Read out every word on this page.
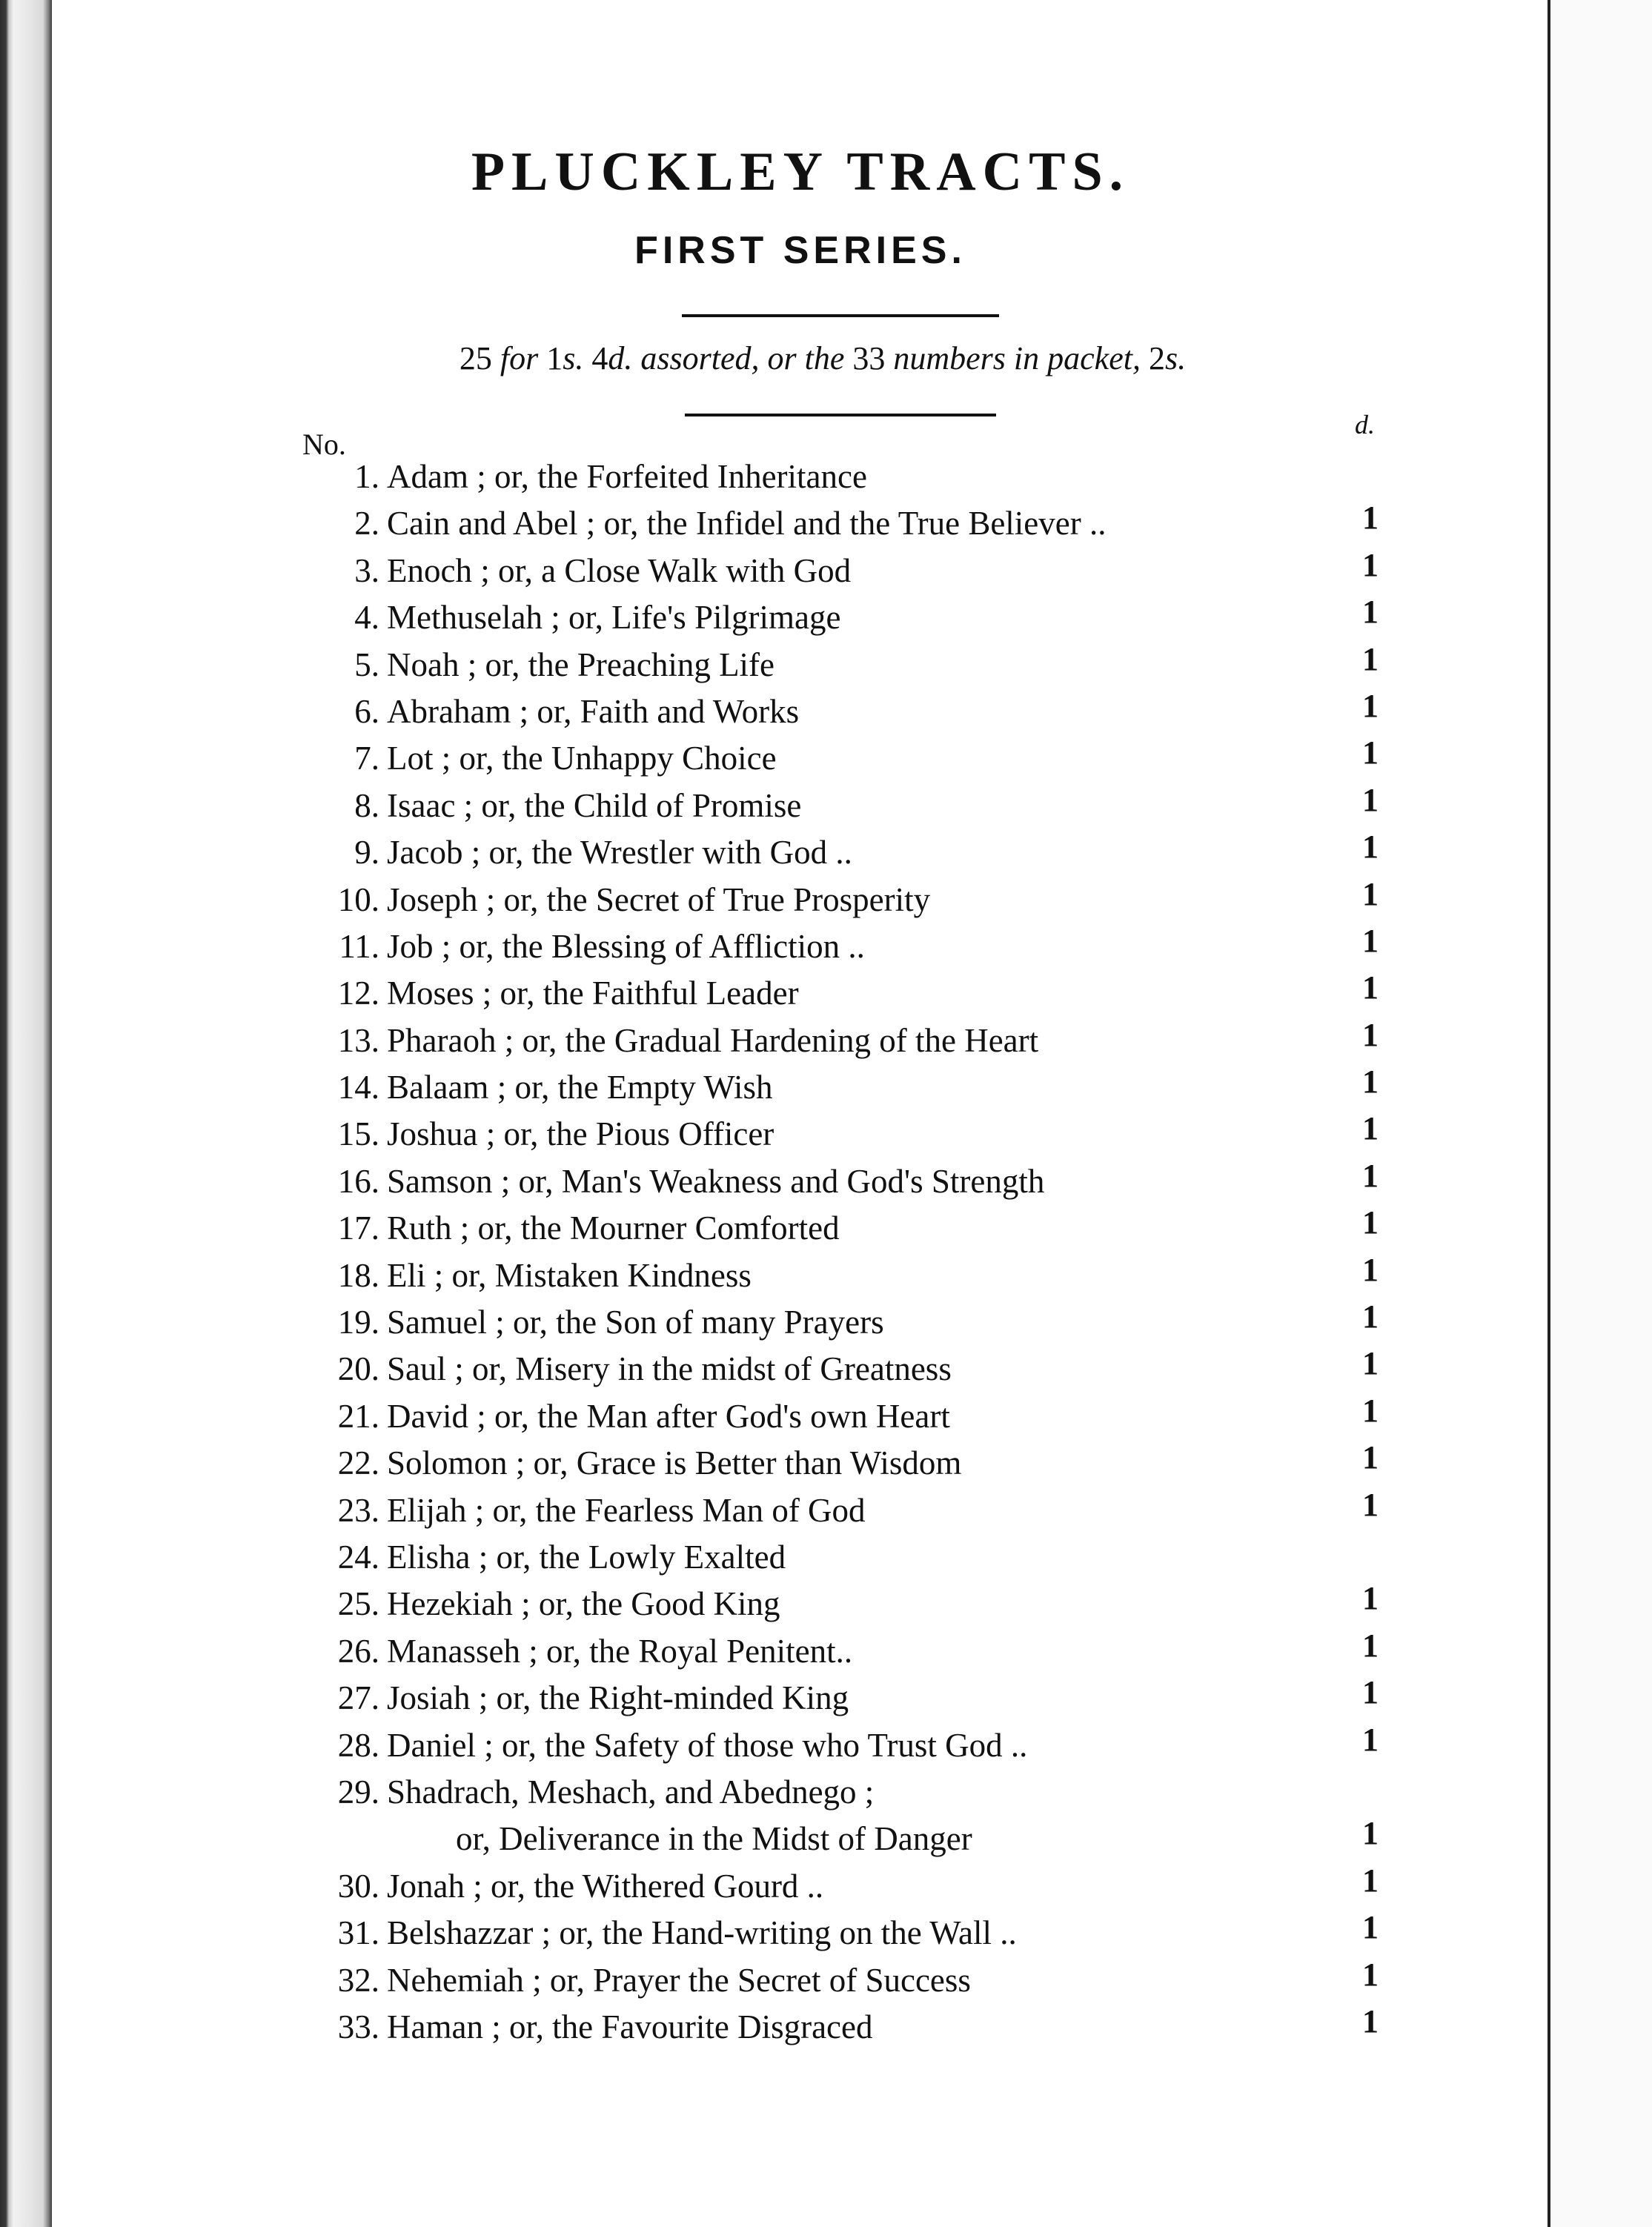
PLUCKLEY TRACTS.
FIRST SERIES.
25 for 1s. 4d. assorted, or the 33 numbers in packet, 2s.
No.
d.
1. Adam ; or, the Forfeited Inheritance
2. Cain and Abel ; or, the Infidel and the True Believer ..	1
3. Enoch ; or, a Close Walk with God	1
4. Methuselah ; or, Life's Pilgrimage	1
5. Noah ; or, the Preaching Life	1
6. Abraham ; or, Faith and Works	1
7. Lot ; or, the Unhappy Choice	1
8. Isaac ; or, the Child of Promise	1
9. Jacob ; or, the Wrestler with God ..	1
10. Joseph ; or, the Secret of True Prosperity	1
11. Job ; or, the Blessing of Affliction ..	1
12. Moses ; or, the Faithful Leader	1
13. Pharaoh ; or, the Gradual Hardening of the Heart	1
14. Balaam ; or, the Empty Wish	1
15. Joshua ; or, the Pious Officer	1
16. Samson ; or, Man's Weakness and God's Strength	1
17. Ruth ; or, the Mourner Comforted	1
18. Eli ; or, Mistaken Kindness	1
19. Samuel ; or, the Son of many Prayers	1
20. Saul ; or, Misery in the midst of Greatness	1
21. David ; or, the Man after God's own Heart	1
22. Solomon ; or, Grace is Better than Wisdom	1
23. Elijah ; or, the Fearless Man of God	1
24. Elisha ; or, the Lowly Exalted
25. Hezekiah ; or, the Good King	1
26. Manasseh ; or, the Royal Penitent..	1
27. Josiah ; or, the Right-minded King	1
28. Daniel ; or, the Safety of those who Trust God ..	1
29. Shadrach, Meshach, and Abednego ;
or, Deliverance in the Midst of Danger	1
30. Jonah ; or, the Withered Gourd ..	1
31. Belshazzar ; or, the Hand-writing on the Wall ..	1
32. Nehemiah ; or, Prayer the Secret of Success	1
33. Haman ; or, the Favourite Disgraced	1
